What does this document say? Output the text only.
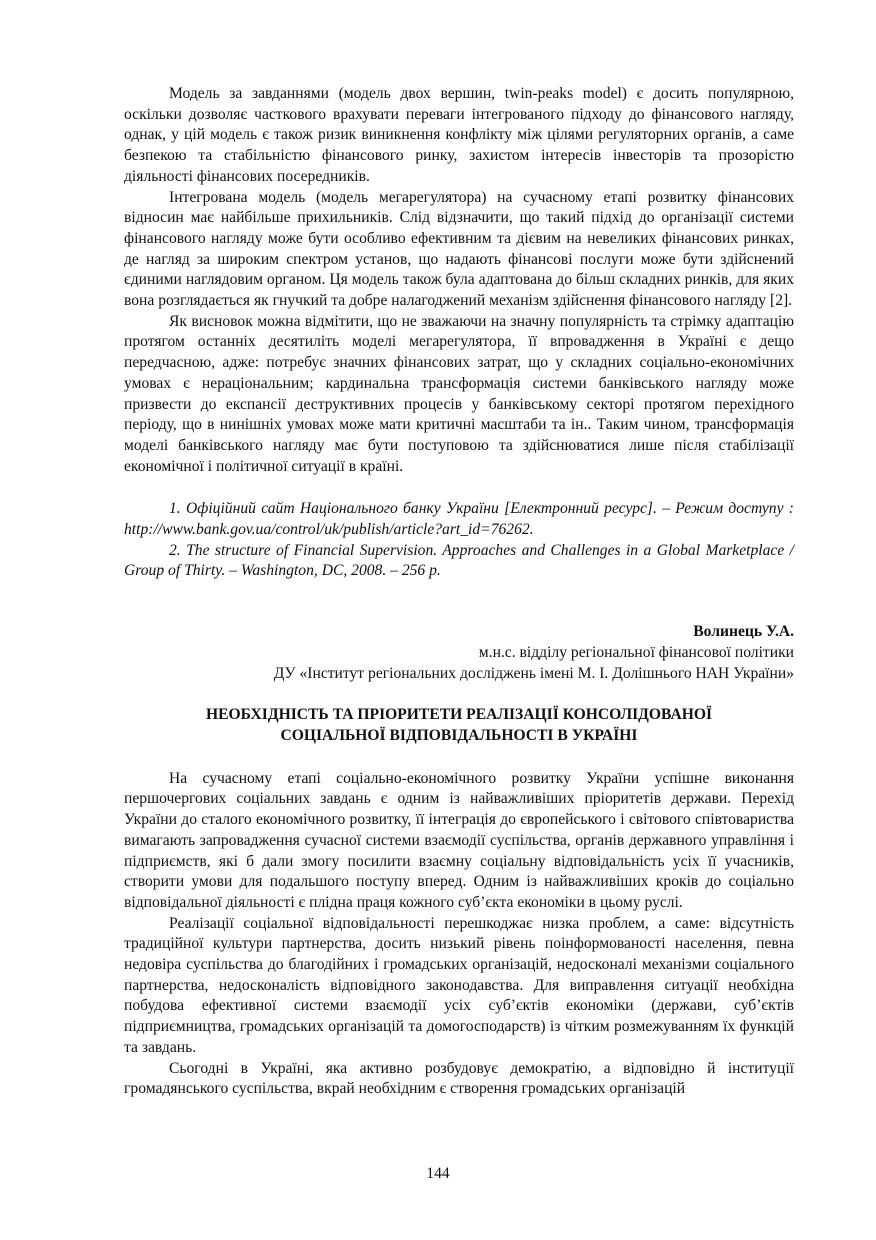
Модель за завданнями (модель двох вершин, twin-peaks model) є досить популярною, оскільки дозволяє часткового врахувати переваги інтегрованого підходу до фінансового нагляду, однак, у цій модель є також ризик виникнення конфлікту між цілями регуляторних органів, а саме безпекою та стабільністю фінансового ринку, захистом інтересів інвесторів та прозорістю діяльності фінансових посередників.

Інтегрована модель (модель мегарегулятора) на сучасному етапі розвитку фінансових відносин має найбільше прихильників. Слід відзначити, що такий підхід до організації системи фінансового нагляду може бути особливо ефективним та дієвим на невеликих фінансових ринках, де нагляд за широким спектром установ, що надають фінансові послуги може бути здійснений єдиними наглядовим органом. Ця модель також була адаптована до більш складних ринків, для яких вона розглядається як гнучкий та добре налагоджений механізм здійснення фінансового нагляду [2].

Як висновок можна відмітити, що не зважаючи на значну популярність та стрімку адаптацію протягом останніх десятиліть моделі мегарегулятора, її впровадження в Україні є дещо передчасною, адже: потребує значних фінансових затрат, що у складних соціально-економічних умовах є нераціональним; кардинальна трансформація системи банківського нагляду може призвести до експансії деструктивних процесів у банківському секторі протягом перехідного періоду, що в нинішніх умовах може мати критичні масштаби та ін.. Таким чином, трансформація моделі банківського нагляду має бути поступовою та здійснюватися лише після стабілізації економічної і політичної ситуації в країні.

1. Офіційний сайт Національного банку України [Електронний ресурс]. – Режим доступу : http://www.bank.gov.ua/control/uk/publish/article?art_id=76262.

2. The structure of Financial Supervision. Approaches and Challenges in a Global Marketplace / Group of Thirty. – Washington, DC, 2008. – 256 p.

Волинець У.А.

м.н.с. відділу регіональної фінансової політики

ДУ «Інститут регіональних досліджень імені М. І. Долішнього НАН України»

НЕОБХІДНІСТЬ ТА ПРІОРИТЕТИ РЕАЛІЗАЦІЇ КОНСОЛІДОВАНОЇ
СОЦІАЛЬНОЇ ВІДПОВІДАЛЬНОСТІ В УКРАЇНІ

На сучасному етапі соціально-економічного розвитку України успішне виконання першочергових соціальних завдань є одним із найважливіших пріоритетів держави. Перехід України до сталого економічного розвитку, її інтеграція до європейського і світового співтовариства вимагають запровадження сучасної системи взаємодії суспільства, органів державного управління і підприємств, які б дали змогу посилити взаємну соціальну відповідальність усіх її учасників, створити умови для подальшого поступу вперед. Одним із найважливіших кроків до соціально відповідальної діяльності є плідна праця кожного суб’єкта економіки в цьому руслі.

Реалізації соціальної відповідальності перешкоджає низка проблем, а саме: відсутність традиційної культури партнерства, досить низький рівень поінформованості населення, певна недовіра суспільства до благодійних і громадських організацій, недосконалі механізми соціального партнерства, недосконалість відповідного законодавства. Для виправлення ситуації необхідна побудова ефективної системи взаємодії усіх суб’єктів економіки (держави, суб’єктів підприємництва, громадських організацій та домогосподарств) із чітким розмежуванням їх функцій та завдань.

Сьогодні в Україні, яка активно розбудовує демократію, а відповідно й інституції громадянського суспільства, вкрай необхідним є створення громадських організацій

144
